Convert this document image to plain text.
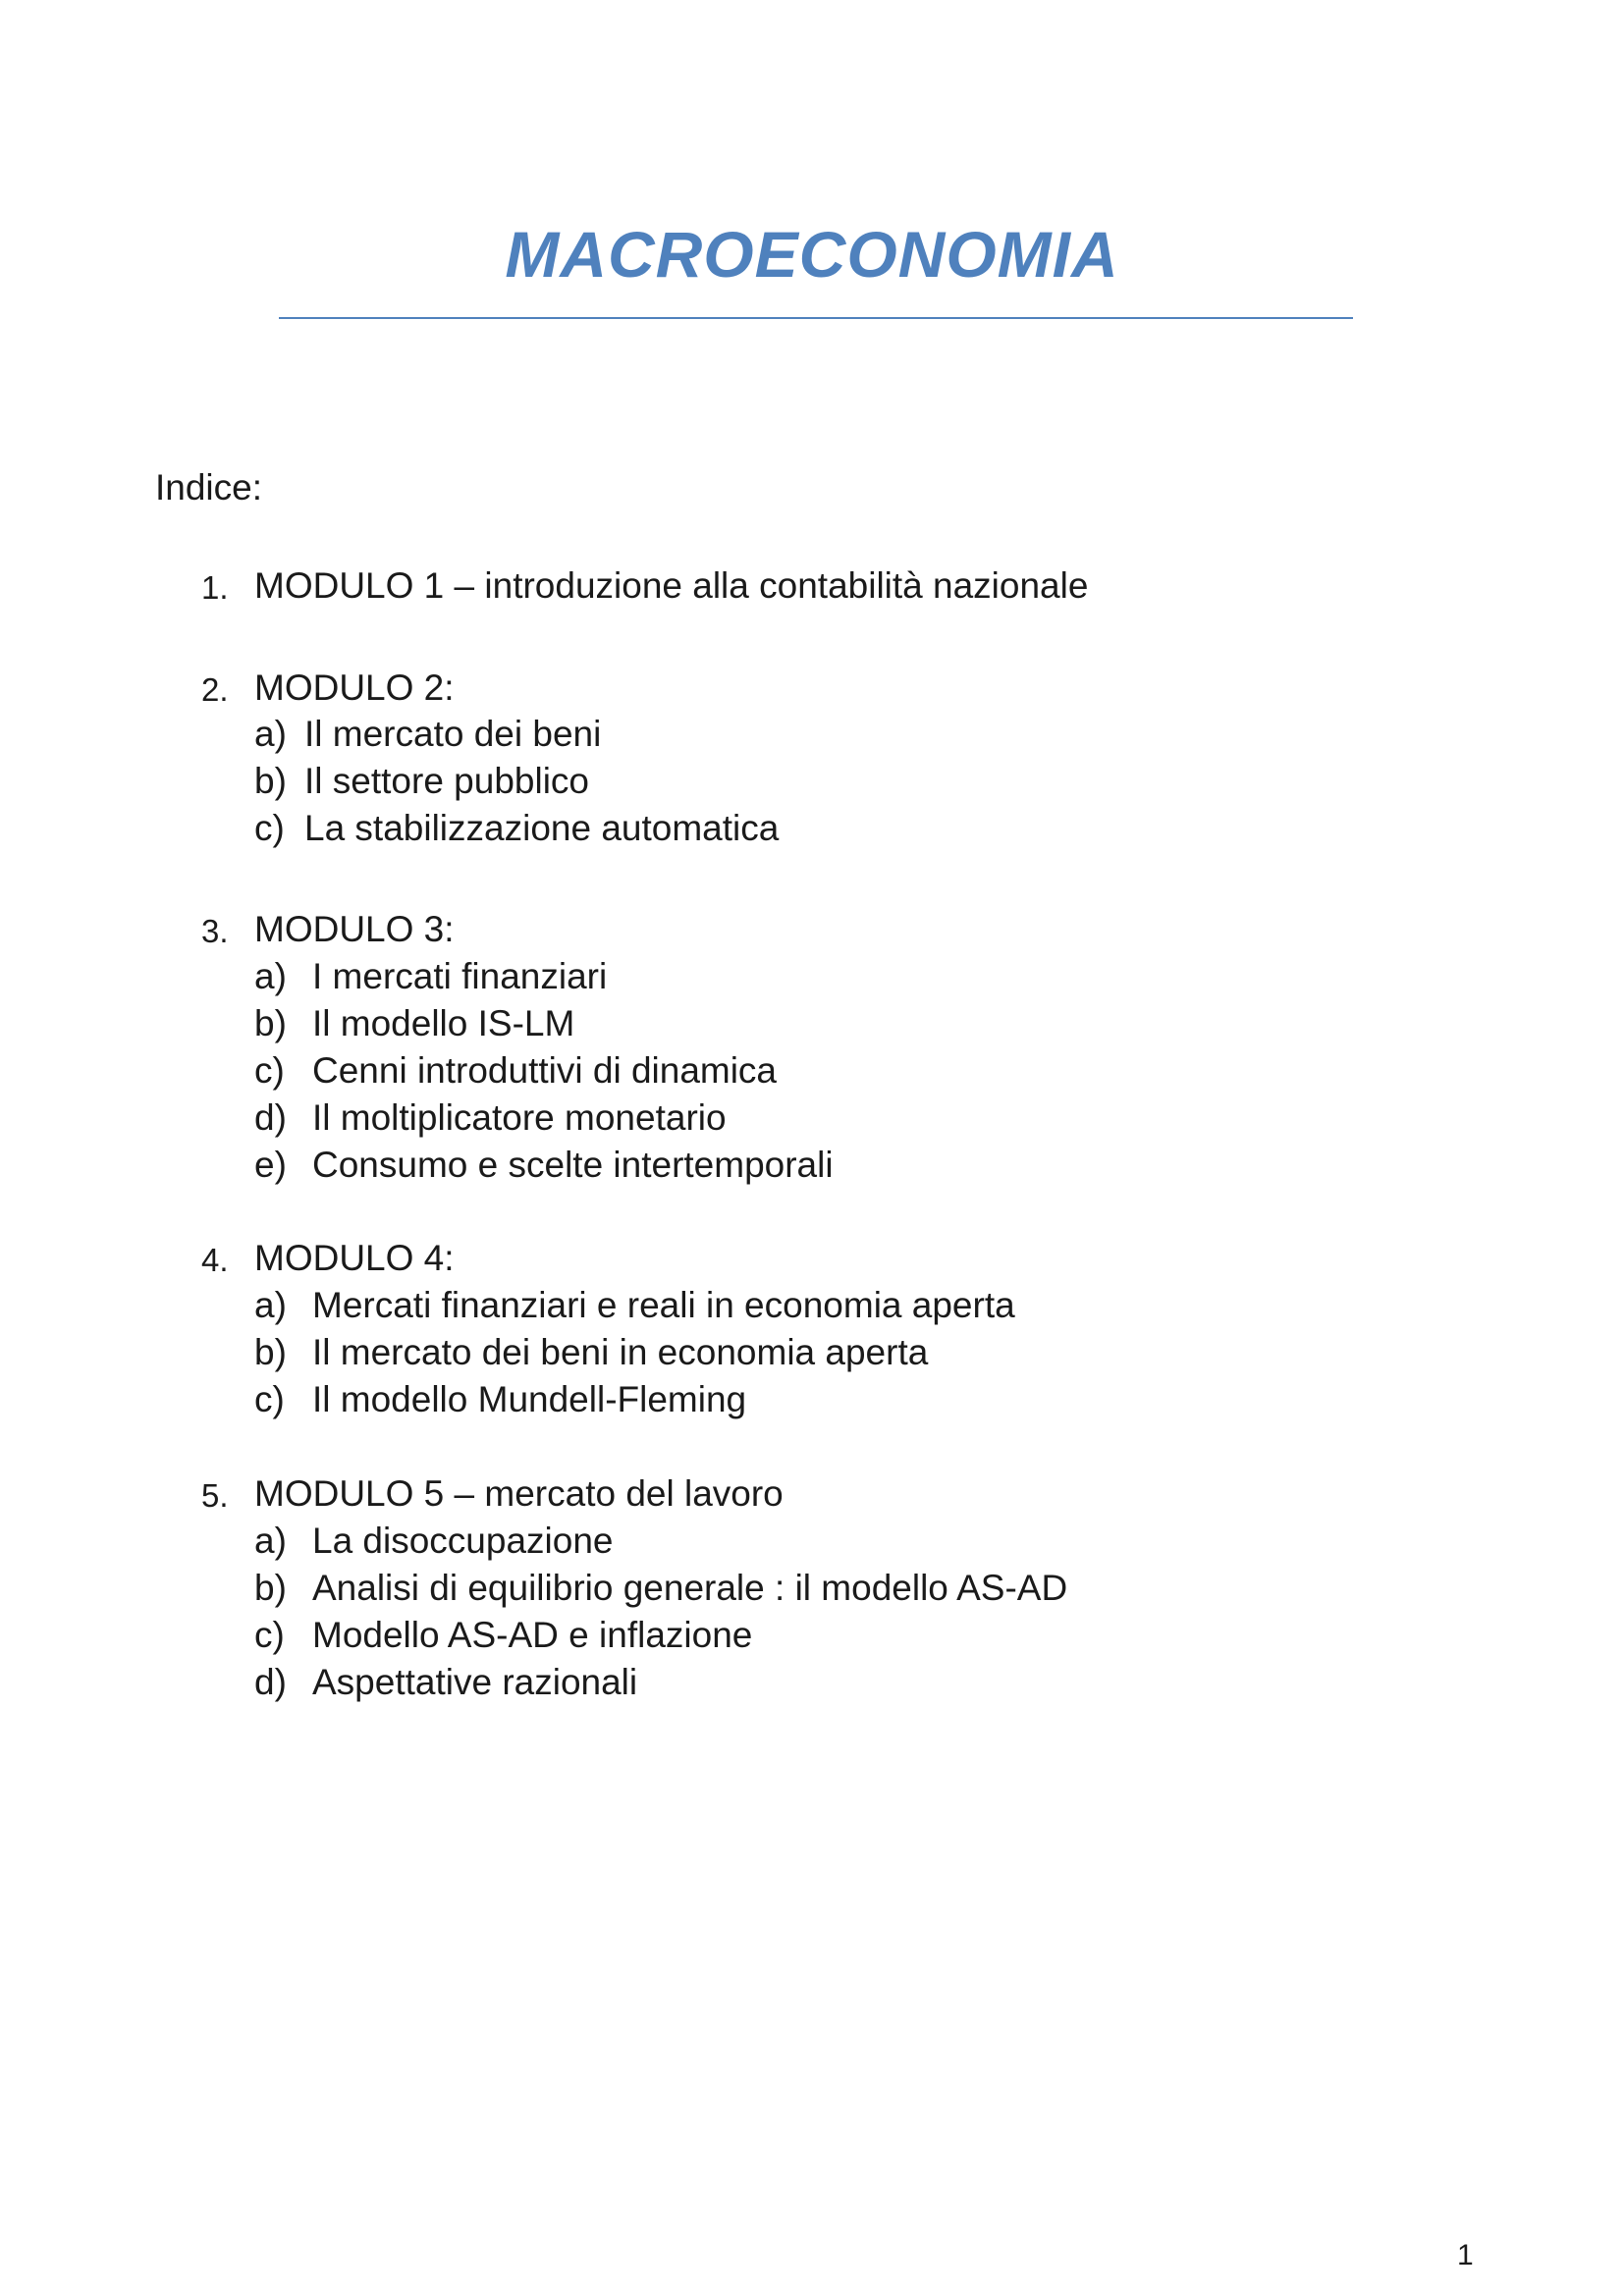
MACROECONOMIA
Indice:
1. MODULO 1 – introduzione alla contabilità nazionale
2. MODULO 2:
a) Il mercato dei beni
b) Il settore pubblico
c) La stabilizzazione automatica
3. MODULO 3:
a) I mercati finanziari
b) Il modello IS-LM
c) Cenni introduttivi di dinamica
d) Il moltiplicatore monetario
e) Consumo e scelte intertemporali
4. MODULO 4:
a) Mercati finanziari e reali in economia aperta
b) Il mercato dei beni in economia aperta
c) Il modello Mundell-Fleming
5. MODULO 5 – mercato del lavoro
a) La disoccupazione
b) Analisi di equilibrio generale : il modello AS-AD
c) Modello AS-AD e inflazione
d) Aspettative razionali
1
